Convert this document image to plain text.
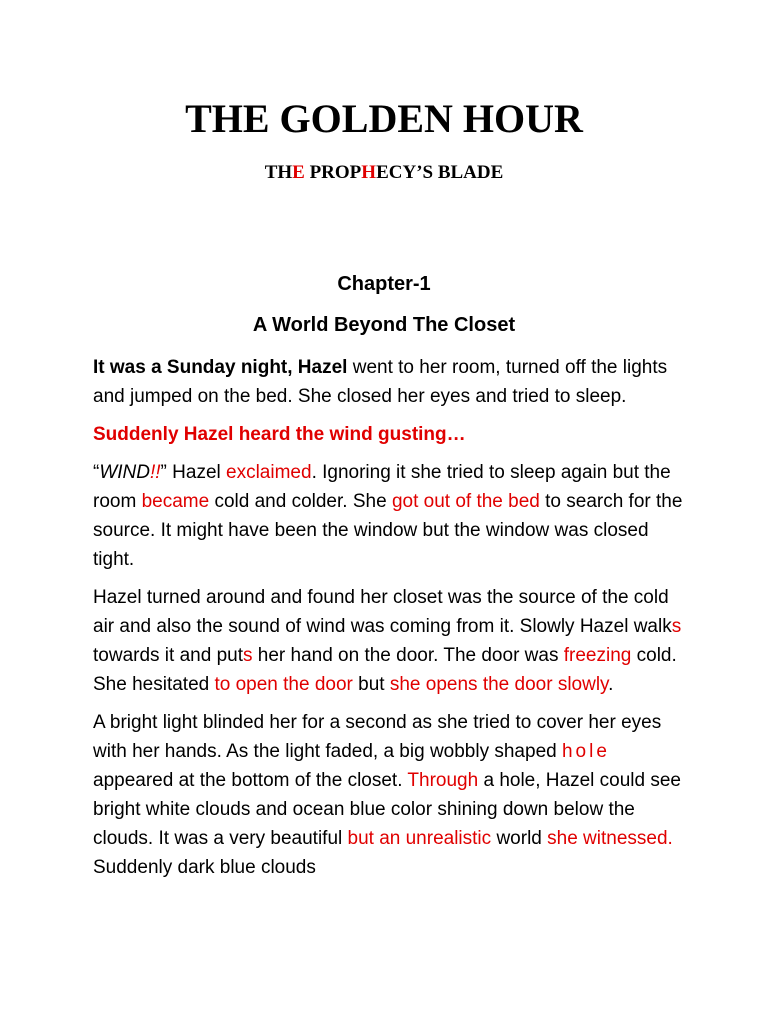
THE GOLDEN HOUR
THE PROPHECY’S BLADE
Chapter-1
A World Beyond The Closet

It was a Sunday night, Hazel went to her room, turned off the lights and jumped on the bed. She closed her eyes and tried to sleep.

Suddenly Hazel heard the wind gusting…

“WIND!!” Hazel exclaimed. Ignoring it she tried to sleep again but the room became cold and colder. She got out of the bed to search for the source. It might have been the window but the window was closed tight.

Hazel turned around and found her closet was the source of the cold air and also the sound of wind was coming from it. Slowly Hazel walks towards it and puts her hand on the door. The door was freezing cold. She hesitated to open the door but she opens the door slowly.

A bright light blinded her for a second as she tried to cover her eyes with her hands. As the light faded, a big wobbly shaped hole appeared at the bottom of the closet. Through a hole, Hazel could see bright white clouds and ocean blue color shining down below the clouds. It was a very beautiful but an unrealistic world she witnessed. Suddenly dark blue clouds
